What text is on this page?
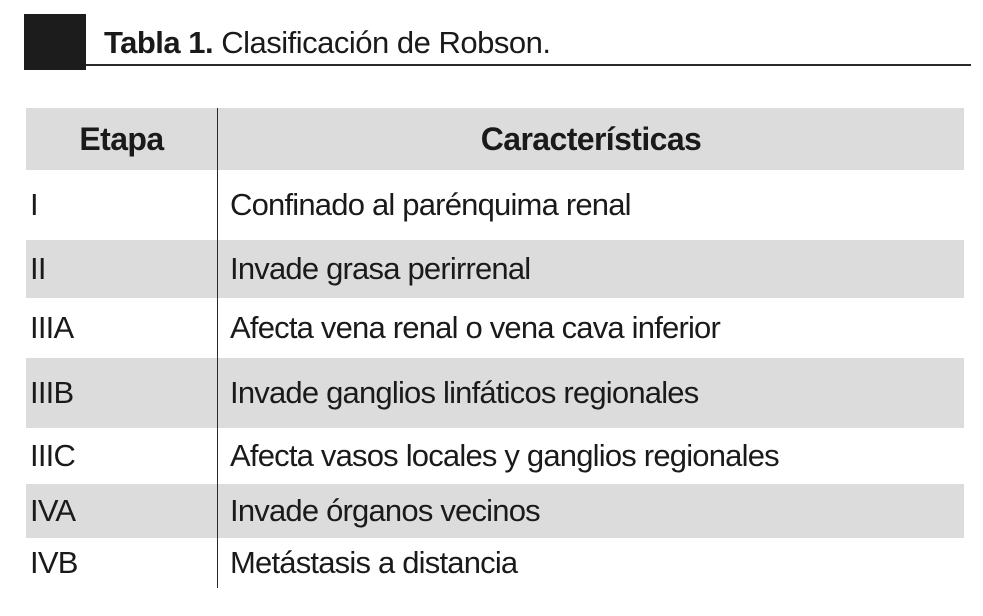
Tabla 1. Clasificación de Robson.
Etapa	Características
I	Confinado al parénquima renal
II	Invade grasa perirrenal
IIIA	Afecta vena renal o vena cava inferior
IIIB	Invade ganglios linfáticos regionales
IIIC	Afecta vasos locales y ganglios regionales
IVA	Invade órganos vecinos
IVB	Metástasis a distancia
